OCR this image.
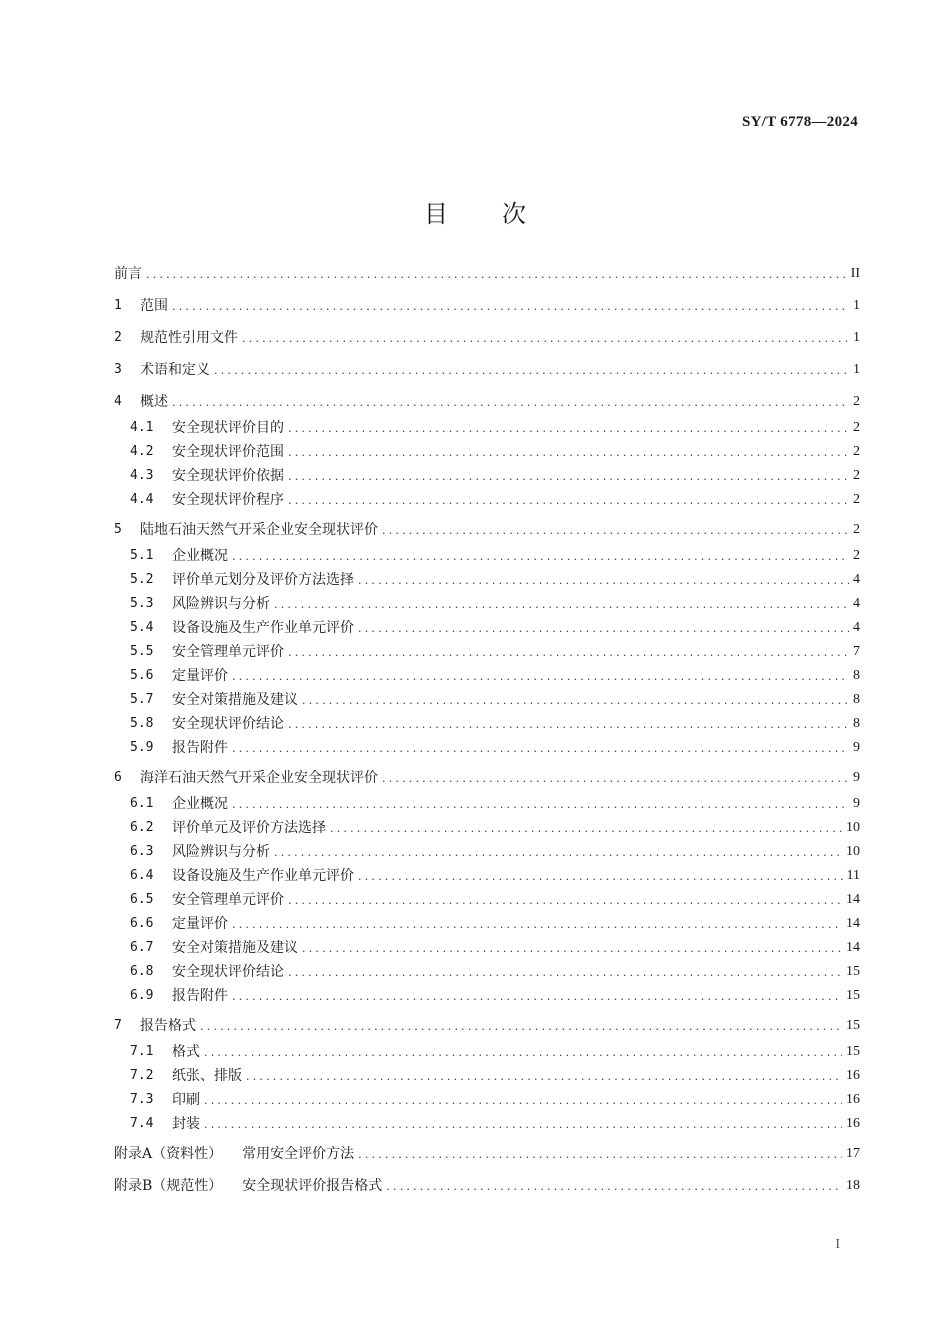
SY/T 6778—2024
目 次
前言 .....	II
1	范围 .....	1
2	规范性引用文件 .....	1
3	术语和定义 .....	1
4	概述 .....	2
4.1	安全现状评价目的 .....	2
4.2	安全现状评价范围 .....	2
4.3	安全现状评价依据 .....	2
4.4	安全现状评价程序 .....	2
5	陆地石油天然气开采企业安全现状评价 .....	2
5.1	企业概况 .....	2
5.2	评价单元划分及评价方法选择 .....	4
5.3	风险辨识与分析 .....	4
5.4	设备设施及生产作业单元评价 .....	4
5.5	安全管理单元评价 .....	7
5.6	定量评价 .....	8
5.7	安全对策措施及建议 .....	8
5.8	安全现状评价结论 .....	8
5.9	报告附件 .....	9
6	海洋石油天然气开采企业安全现状评价 .....	9
6.1	企业概况 .....	9
6.2	评价单元及评价方法选择 .....	10
6.3	风险辨识与分析 .....	10
6.4	设备设施及生产作业单元评价 .....	11
6.5	安全管理单元评价 .....	14
6.6	定量评价 .....	14
6.7	安全对策措施及建议 .....	14
6.8	安全现状评价结论 .....	15
6.9	报告附件 .....	15
7	报告格式 .....	15
7.1	格式 .....	15
7.2	纸张、排版 .....	16
7.3	印刷 .....	16
7.4	封装 .....	16
附录A（资料性） 常用安全评价方法 .....	17
附录B（规范性） 安全现状评价报告格式 .....	18
I
